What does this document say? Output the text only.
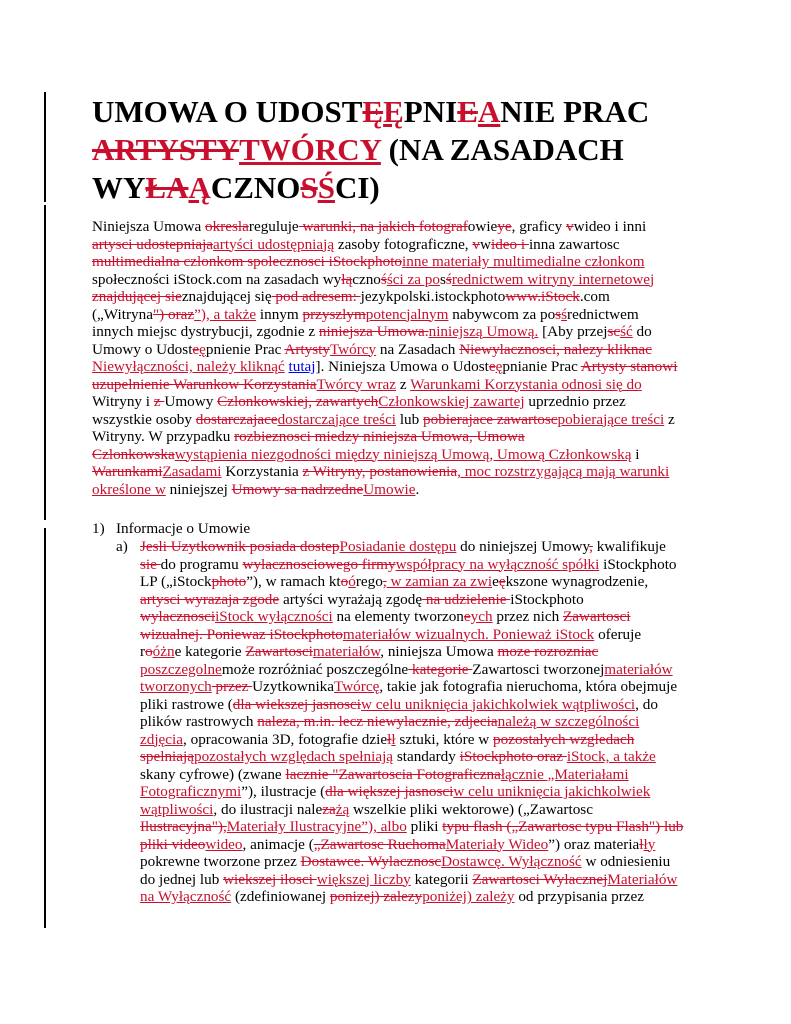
UMOWA O UDOSTĘĘPNIEANIE PRAC
ARTYSTYTWÓRCY (NA ZASADACH
WYŁAĄCZNOSŚCI)
Niniejsza Umowa okreslareguluje warunki, na jakich fotografowieye, graficy vwideo i inni
artysci udostepniajaartyści udostępniają zasoby fotograficzne, vwideo i inna zawartosc
multimedialna czlonkom spolecznosci iStockphotoinne materiały multimedialne członkom
społeczności iStock.com na zasadach wyłącznośści za posśrednictwem witryny internetowej
znajdującej sieznajdującej się pod adresem: jezykpolski.istockphotowww.iStock.com
(„Witryna") oraz”), a także innym przyszlympotencjalnym nabywcom za posśrednictwem
innych miejsc dystrybucji, zgodnie z niniejsza Umowa.niniejszą Umową. [Aby przejscść do
Umowy o Udosteępnienie Prac ArtystyTwórcy na Zasadach Niewylacznosci, nalezy kliknac
Niewyłączności, należy kliknąć tutaj]. Niniejsza Umowa o Udosteępnianie Prac Artysty stanowi
uzupelnienie Warunkow KorzystaniaTwórcy wraz z Warunkami Korzystania odnosi się do
Witryny i z Umowy Czlonkowskiej, zawartychCzłonkowskiej zawartej uprzednio przez
wszystkie osoby dostarczajacedostarczające treści lub pobierajace zawartoscpobierające treści z
Witryny. W przypadku rozbieznosci miedzy niniejsza Umowa, Umowa
Czlonkowskawystąpienia niezgodności między niniejszą Umową, Umową Członkowską i
WarunkamiZasadami Korzystania z Witryny, postanowienia, moc rozstrzygającą mają warunki
określone w niniejszej Umowy sa nadrzedneUmowie.
1) Informacje o Umowie
a) Jesli Uzytkownik posiada dostepPosiadanie dostępu do niniejszej Umowy, kwalifikuje
sie do programu wylacznosciowego firmywspółpracy na wyłączność spółki iStockphoto
LP („iStockphoto”), w ramach ktoórego, w zamian za zwieększone wynagrodzenie,
artysci wyrazaja zgode artyści wyrażają zgodę na udzielenie iStockphoto
wylacznosciiStock wyłączności na elementy tworzoneych przez nich Zawartosci
wizualnej. Poniewaz iStockphotomateriałów wizualnych. Ponieważ iStock oferuje
roóżne kategorie Zawartoscimateriałów, niniejsza Umowa moze rozrozniac
poszczegolnemoże rozróżniać poszczególne kategorie Zawartosci tworzonejmateriałów
tworzonych przez UzytkownikaTwórcę, takie jak fotografia nieruchoma, która obejmuje
pliki rastrowe (dla wiekszej jasnosciw celu uniknięcia jakichkolwiek wątpliwości, do
plików rastrowych naleza, m.in. lecz niewylacznie, zdjecianależą w szczególności
zdjęcia, opracowania 3D, fotografie dziełł sztuki, które w pozostalych wzgledach
spelniająpozostałych względach spełniają standardy iStockphoto oraz iStock, a także
skany cyfrowe) (zwane lacznie "Zawartoscia Fotograficznałącznie „Materiałami
Fotograficznymi”), ilustracje (dla większej jasnosciw celu uniknięcia jakichkolwiek
wątpliwości, do ilustracji nalezażą wszelkie pliki wektorowe) („Zawartosc
Ilustracyjna"),Materiały Ilustracyjne”), albo pliki typu flash („Zawartosc typu Flash") lub
pliki videowideo, animacje („Zawartosc RuchomaMateriały Wideo”) oraz materialły
pokrewne tworzone przez Dostawce. WylacznoscDostawcę. Wyłączność w odniesieniu
do jednej lub wiekszej ilosci większej liczby kategorii Zawartosci WylacznejMateriałów
na Wyłączność (zdefiniowanej ponizej) zalezyponiżej) zależy od przypisania przez
